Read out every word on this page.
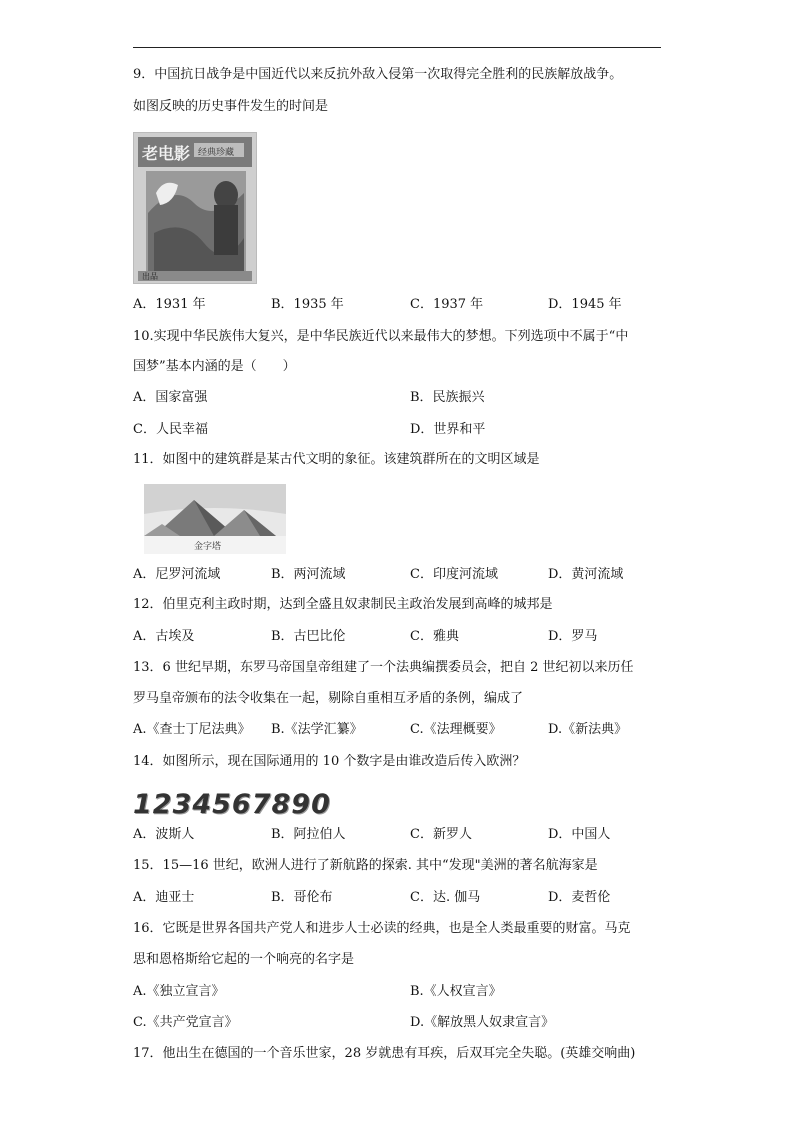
9．中国抗日战争是中国近代以来反抗外敌入侵第一次取得完全胜利的民族解放战争。
如图反映的历史事件发生的时间是
老电影 经典珍藏
出品
A．1931 年	B．1935 年	C．1937 年	D．1945 年
10.实现中华民族伟大复兴，是中华民族近代以来最伟大的梦想。下列选项中不属于“中
国梦”基本内涵的是（　　）
A．国家富强	B．民族振兴
C．人民幸福	D．世界和平
11．如图中的建筑群是某古代文明的象征。该建筑群所在的文明区域是
金字塔
A．尼罗河流域	B．两河流域	C．印度河流域	D．黄河流域
12．伯里克利主政时期，达到全盛且奴隶制民主政治发展到高峰的城邦是
A．古埃及	B．古巴比伦	C．雅典	D．罗马
13．6 世纪早期，东罗马帝国皇帝组建了一个法典编撰委员会，把自 2 世纪初以来历任
罗马皇帝颁布的法令收集在一起，剔除自重相互矛盾的条例，编成了
A.《查士丁尼法典》 B.《法学汇纂》	C.《法理概要》	D.《新法典》
14．如图所示，现在国际通用的 10 个数字是由谁改造后传入欧洲？
1234567890
A．波斯人	B．阿拉伯人	C．新罗人	D．中国人
15．15—16 世纪，欧洲人进行了新航路的探索. 其中“发现"美洲的著名航海家是
A．迪亚士	B．哥伦布	C．达. 伽马	D．麦哲伦
16．它既是世界各国共产党人和进步人士必读的经典，也是全人类最重要的财富。马克
思和恩格斯给它起的一个响亮的名字是
A.《独立宣言》	B.《人权宣言》
C.《共产党宣言》	D.《解放黑人奴隶宣言》
17．他出生在德国的一个音乐世家，28 岁就患有耳疾，后双耳完全失聪。(英雄交响曲)
